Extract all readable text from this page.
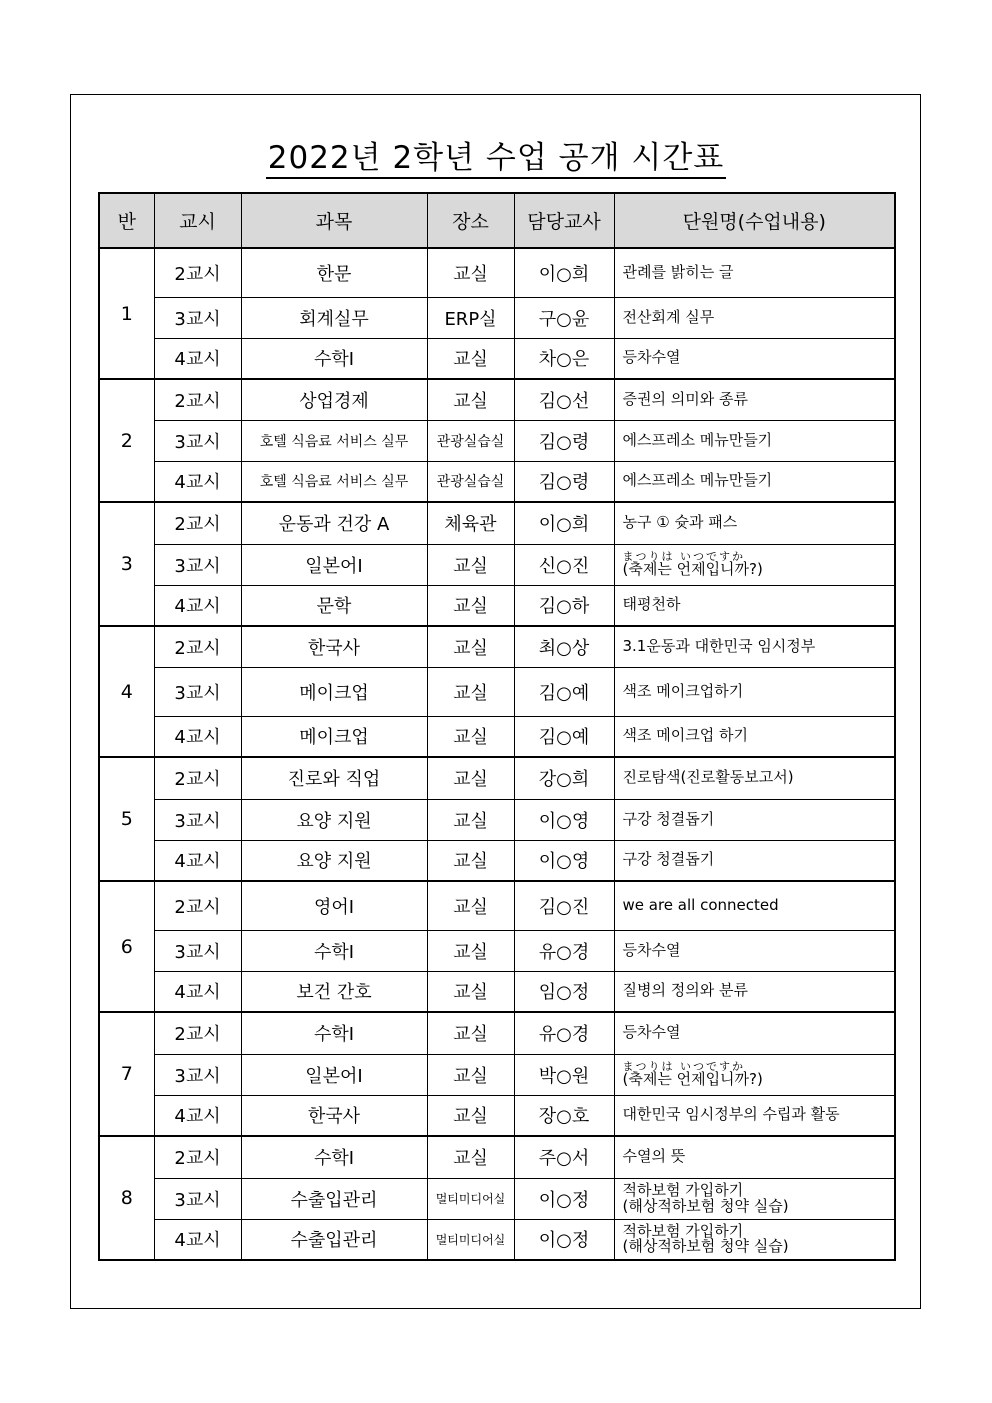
2022년 2학년 수업 공개 시간표
반	교시	과목	장소	담당교사	단원명(수업내용)
1	2교시	한문	교실	이○희	관례를 밝히는 글

	3교시	회계실무	ERP실	구○윤	전산회계 실무

	4교시	수학Ⅰ	교실	차○은	등차수열

2	2교시	상업경제	교실	김○선	증권의 의미와 종류

	3교시	호텔 식음료 서비스 실무	관광실습실	김○령	에스프레소 메뉴만들기

	4교시	호텔 식음료 서비스 실무	관광실습실	김○령	에스프레소 메뉴만들기

3	2교시	운동과 건강 A	체육관	이○희	농구 ① 슛과 패스

	3교시	일본어Ⅰ	교실	신○진	まつりは いつですか
(축제는 언제입니까?)

	4교시	문학	교실	김○하	태평천하

4	2교시	한국사	교실	최○상	3.1운동과 대한민국 임시정부

	3교시	메이크업	교실	김○예	색조 메이크업하기

	4교시	메이크업	교실	김○예	색조 메이크업 하기

5	2교시	진로와 직업	교실	강○희	진로탐색(진로활동보고서)

	3교시	요양 지원	교실	이○영	구강 청결돕기

	4교시	요양 지원	교실	이○영	구강 청결돕기

6	2교시	영어Ⅰ	교실	김○진	we are all connected

	3교시	수학Ⅰ	교실	유○경	등차수열

	4교시	보건 간호	교실	임○정	질병의 정의와 분류

7	2교시	수학Ⅰ	교실	유○경	등차수열

	3교시	일본어Ⅰ	교실	박○원	まつりは いつですか
(축제는 언제입니까?)

	4교시	한국사	교실	장○호	대한민국 임시정부의 수립과 활동

8	2교시	수학Ⅰ	교실	주○서	수열의 뜻

	3교시	수출입관리	멀티미디어실	이○정	적하보험 가입하기
(해상적하보험 청약 실습)

	4교시	수출입관리	멀티미디어실	이○정	적하보험 가입하기
(해상적하보험 청약 실습)
